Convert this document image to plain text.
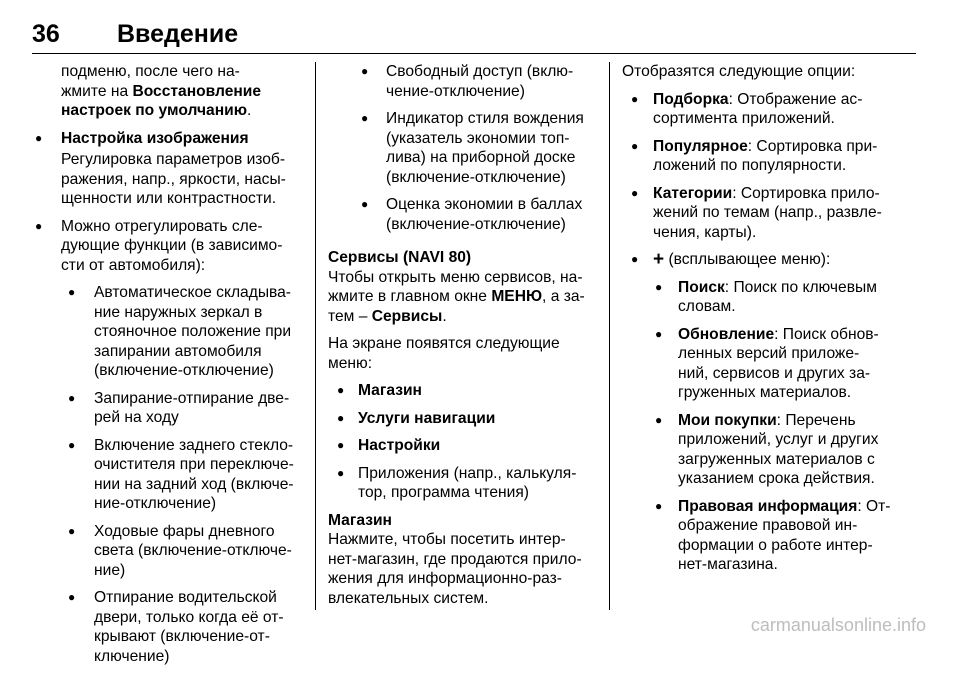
36 Введение
подменю, после чего на-
жмите на Восстановление
настроек по умолчанию.
● Настройка изображения
Регулировка параметров изоб-
ражения, напр., яркости, насы-
щенности или контрастности.
● Можно отрегулировать сле-
дующие функции (в зависимо-
сти от автомобиля):
● Автоматическое складыва-
ние наружных зеркал в
стояночное положение при
запирании автомобиля
(включение-отключение)
● Запирание-отпирание две-
рей на ходу
● Включение заднего стекло-
очистителя при переключе-
нии на задний ход (включе-
ние-отключение)
● Ходовые фары дневного
света (включение-отключе-
ние)
● Отпирание водительской
двери, только когда её от-
крывают (включение-от-
ключение)
● Свободный доступ (вклю-
чение-отключение)
● Индикатор стиля вождения
(указатель экономии топ-
лива) на приборной доске
(включение-отключение)
● Оценка экономии в баллах
(включение-отключение)
Сервисы (NAVI 80)
Чтобы открыть меню сервисов, на-
жмите в главном окне МЕНЮ, а за-
тем – Сервисы.
На экране появятся следующие
меню:
● Магазин
● Услуги навигации
● Настройки
● Приложения (напр., калькуля-
тор, программа чтения)
Магазин
Нажмите, чтобы посетить интер-
нет-магазин, где продаются прило-
жения для информационно-раз-
влекательных систем.
Отобразятся следующие опции:
● Подборка: Отображение ас-
сортимента приложений.
● Популярное: Сортировка при-
ложений по популярности.
● Категории: Сортировка прило-
жений по темам (напр., развле-
чения, карты).
● + (всплывающее меню):
● Поиск: Поиск по ключевым
словам.
● Обновление: Поиск обнов-
ленных версий приложе-
ний, сервисов и других за-
груженных материалов.
● Мои покупки: Перечень
приложений, услуг и других
загруженных материалов с
указанием срока действия.
● Правовая информация: От-
ображение правовой ин-
формации о работе интер-
нет-магазина.
carmanualsonline.info
